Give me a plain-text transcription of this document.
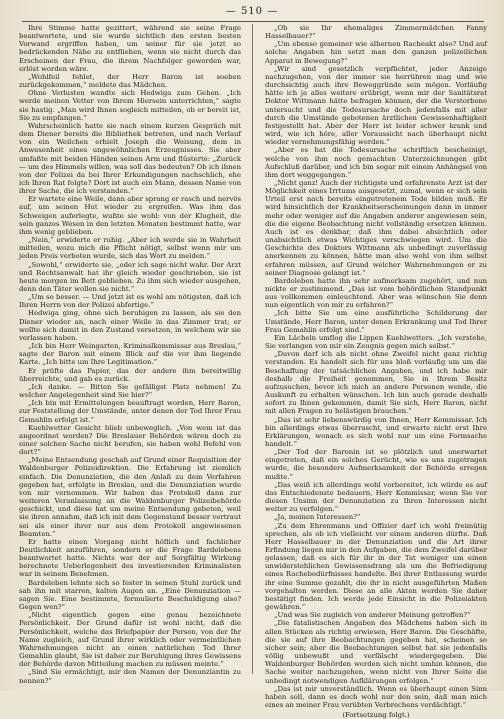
— 510 —

Ihre Stimme hatte gezittert, während sie seine Frage beantwortete, und sie wurde sichtlich den ersten besten Vorwand ergriffen haben, um seiner für sie jetzt so bedrückenden Nähe zu entfliehen, wenn sie nicht durch das Erscheinen der Frau, die ihrem Nachfolger geworden war, erlöst worden wäre.

„Wohlfeil fehlet, der Herr Baron ist soeben zurückgekommen,“ meldete das Mädchen.

Ohne Verlusten wandte sich Hedwiga zum Gehen. „Ich werde meinen Vetter von Ihrem Hiersein unterrichten,“ sagte sie hastig. „Man wird Ihnen sogleich mitteilen, ob er bereit ist, Sie zu empfangen.“

Wahrscheinlich hatte sie nach einem kurzen Gespräch mit dem Diener bereits die Bibliothek betreten, und nach Verlauf von ein Weilchen erhielt Joseph die Weisung, dem in Anwesenheit eines ungewöhnlichen Erzeugnisses. Sie aber umfaßte mit beiden Händen seinen Arm und flüsterte: „Zurück — um des Himmels willen, was soll das bedeuten? Ob ich ihnen von der Polizei da bei Ihrer Erkundigungen nachschlich, ehe ich Ihren Rat folgte? Dort ist auch ein Mann, dessen Name von ihrer Sache, die ich verstanden.“

Er wartete eine Weile, dann aber sprang er rasch und nervös auf, um seinen Hut wieder zu ergreifen. Was ihm das Schweigen auferlegte, wußte sie wohl: von der Klugheit, die sein ganzes Wesen in den letzten Monaten bestimmt hatte, war ihm wenig geblieben.

„Nein,“ erwiderte er ruhig. „Aber ich werde sie in Wahrheit mitteilen, wozu mich die Pflicht nötigt, selbst wenn mir um jeden Preis verboten wurde, sich das Wort zu meiden.“

„Sowohl,“ erwiderte sie, „oder ich sage nicht wahr. Der Arzt und Rechtsanwalt hat ihr gleich wieder geschrieben, sie ist heute morgen im Bett geblieben. Zu ihm sich wieder ausgehen, denn den Täter wollen sie nicht.“

„Um so besser. — Und jetzt ist es wohl am nötigsten, daß ich Ihren Herrn von der Polizei abfertige.“

Hedwiga ging, ohne sich beruhigen zu lassen, als sie den Diener wieder an, nach einer Weile in das Zimmer trat; er wollte sich damit in den Zustand versetzen, in welchem wir sie verlassen haben.

„Ich bin Herr Weingarten, Kriminalkommissar aus Breslau,“ sagte der Baron mit einem Blick auf die vor ihm liegende Karte. „Ich bitte um Ihre Legitimation.“

Er prüfte das Papier, das der andere ihm bereitwillig überreichte, und gab es zurück.

„Ich danke. — Bitten Sie gefälligst Platz nehmen! Zu welcher Angelegenheit sind Sie hier?“

„Ich bin mit Ermittelungen beauftragt worden, Herr Baron, zur Feststellung der Umstände, unter denen der Tod Ihrer Frau Gemahlin erfolgt ist.“

Kuehlwetter Gesicht blieb unbeweglich. „Von wem ist das angeordnet worden? Die Breslauer Behörden wären doch zu einer solchen Sache nicht berufen, sie haben wohl Befehl von dort?“

„Meine Entsendung geschah auf Grund einer Requisition der Waldenburger Polizeidirektion. Die Erfahrung ist ziemlich einfach. Die Denunziation, die den Anlaß zu dem Verfahren gegeben hat, erfolgte in Breslau, und die Denunziation wurde von mir vernommen. Wir haben das Protokoll dann zur weiteren Veranlassung an die Waldenburger Polizeibehörde geschickt, und diese hat um meine Entsendung gebeten, weil sie ihren annahm, daß ich mit dem Gegenstand besser vertraut sei als einer ihrer nur aus dem Protokoll angewiesenen Beamten.“

Er hatte einen Vorgang nicht höflich und fachlicher Deutlichkeit anzuführen, sondern er die Frage Bardelebens beantwortet hatte. Nichts war der auf Sorgfältig Wirkung berechnete Ueberlegenheit des investierenden Kriminalisten war in seinem Benehmen.

Bardeleben lehnte sich so fester in seinen Stuhl zurück und sah ihn mit starren, kalten Augen an. „Eine Denunziation — sagen Sie. Eine bestimmte, formulierte Beschuldigung also? Gegen wen?“

„Nicht eigentlich gegen eine genau bezeichnete Persönlichkeit. Der Grund dafür ist wohl nicht, daß die Persönlichkeit, welche das Briefpapier der Person, von der Ihr Name zugleich, auf Grund ihrer wirklich oder vermeintlichen Wahrnehmungen nicht an einen natürlichen Tod Ihrer Gemahlin glaubt, Sie ist daher zur Beruhigung ihres Gewissens der Behörde davon Mitteilung machen zu müssen meinte.“

„Sind Sie ermächtigt, mir den Namen der Denunziantin zu nennen?“

„Ob sie Ihr ehemaliges Zimmermädchen Fanny Hasselbauer?“

„Um ebenso gemeiner wie albernen Racheakt also? Und auf solche Angaben hin setzt man den ganzen polizeilichen Apparat in Bewegung?“

„Wir sind gesetzlich verpflichtet, jeder Anzeige nachzugehen, von der immer sie herrühren mag und wie durchsichtig auch ihre Beweggründe sein mögen. Vorläufig hätte ich ja alles weitere erübrigt, wenn mir der Sanitätsrat Doktor Wittmann hätte befragen können, der die Verstorbene untersucht und die Todesursache doch jedenfalls mit aller durch die Umstände gebotenen ärztlichen Gewissenhaftigkeit festgestellt hat. Aber der Herr ist leider schwer krank und wird, wie ich höre, aller Voraussicht nach überhaupt nicht wieder vernehmungsfähig werden.“

„Aber es hat die Todesursache schriftlich bescheinigt, welche von ihm noch gemachten Unterzeichnungen gibt Aufschluß darüber, und ich bin sogar mit einem Anhängsel von ihm dort weggegangen.“

„Nicht ganz! Auch der richtigste und erfahrenste Arzt ist der Möglichkeit eines Irrtums ausgesetzt, zumal, wenn er sich sein Urteil erst nach bereits eingetretenem Tode bilden muß. Er wird hinsichtlich der Krankheitserscheinungen dann in immer mehr oder weniger auf die Angaben anderer angewiesen sein, die die eigene Beobachtung nicht vollständig ersetzen können. Auch ist es denkbar, daß ihm dabei absichtlich oder unabsichtlich etwas Wichtiges verschwiegen wird. Um die Geschichte des Doktors Wittmann als unbedingt zuverlässig anerkennen zu können, hätte man also wohl von ihm selbst erfahren müssen, auf Grund welcher Wahrnehmungen er zu seiner Diagnose gelangt ist.“

Bardeleben hatte ihn sehr aufmerksam zugehört, und nun nickte er zustimmend. „Das ist vom behördlichen Standpunkt aus vollkommen einleuchtend. Aber was wünschen Sie denn nun eigentlich von mir zu erfahren?“

„Ich bitte Sie um eine ausführliche Schilderung der Umstände, Herr Baron, unter denen Erkrankung und Tod Ihrer Frau Gemahlin erfolgt sind.“

Ein Lächeln umflog die Lippen Kuehlwetters. „Ich verstehe, Sie verlangen von mir ein Zeugnis gegen mich selbst.“

„Davon darf ich als nicht ohne Zweifel nicht ganz richtig verstanden. Es handelt sich für uns bloß vorläufig um um die Beschaffung der tatsächlichen Angaben, und ich habe mir deshalb die Freiheit genommen, Sie in Ihrem Besitz aufzusuchen, bevor ich mich an andere Personen wende, die Auskunft zu erhalten wünschen. Ich bin auch gerade deshalb sofort zu Ihnen gekommen, damit Sie sich, Herr Baron, nicht mit allen Fragen zu belästigen brauchen.“

„Das ist sehr liebenswürdig von Ihnen, Herr Kommissar. Ich bin allerdings etwas überrascht, und erwarte nicht erst Ihre Erklärungen, wonach es sich wohl nur um eine Formsache handelt.“

„Der Tod der Baronin ist so plötzlich und unerwartet eingetreten, daß ein solches Gerücht, wie es uns zugetragen wurde, die besondere Aufmerksamkeit der Behörde erregen mußte.“

„Das weiß ich allerdings wohl vorbereitet, ich würde es auf das Entschiedenste bedauern, Herr Kommissar, wenn Sie vor diesen Unsinn der Denunziation zu Ihren Interessen nicht weiter zu verfolgen.“

„Ja, meinen Interessen?“

„Zu dem Ehrenmann und Offizier darf ich wohl freimütig sprechen, als ob ich vielleicht vor einem anderen dürfte. Daß Herr Hasselbauer in der Denunziation und die Art ihrer Erfindung liegen mir in den Aufgaben, die dem Zweifel darüber gelassen, daß es sich für ihr in der Tat weniger um einen unwiderstehlichen Gewissensdrang als um die Befriedigung eines Rachebedürfnisses handelte. Bei ihrer Entlassung wurde ihr eine Summe gezahlt, die ihr in nicht ausgeführten Maßen vorgehalten werden. Diese an alle Akten werden Sie daher bestätigt finden. Ich werde jede Einsicht in die Polizeiakten gewähren.“

„Und was Sie zugleich von anderer Meinung getroffen?“

„Die fatalistischen Angaben des Mädchens haben sich in allen Stücken als richtig erwiesen, Herr Baron. Die Geschäfte, die sie auf ihre Beobachtungen gegeben hat, scheinen so sicher sein; aber die Beobachtungen selbst hat sie jedenfalls völlig unbewußt und verfälscht wiedergegeben. Die Waldenburger Behörden werden sich nicht umhin können, die Sache weiter nachzugehen, wenn nicht von Ihrer Seite die unbedingt notwendigen Aufklärungen erfolgen.“

„Das ist mir unverständlich. Wenn es überhaupt einen Sinn haben soll, dann es doch wohl nur den sein, daß man mich eines an meiner Frau verübten Verbrechens verdächtigt.“

(Fortsetzung folgt.)
